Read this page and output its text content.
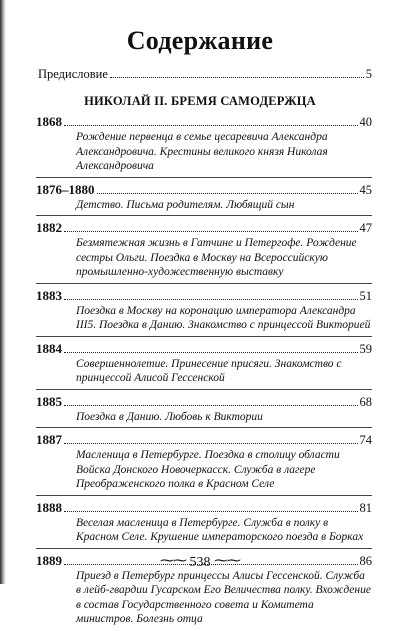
Содержание
Предисловие	5
НИКОЛАЙ II. БРЕМЯ САМОДЕРЖЦА
1868	40
Рождение первенца в семье цесаревича Александра Александровича. Крестины великого князя Николая Александровича
1876–1880	45
Детство. Письма родителям. Любящий сын
1882	47
Безмятежная жизнь в Гатчине и Петергофе. Рождение сестры Ольги. Поездка в Москву на Всероссийскую промышленно-художественную выставку
1883	51
Поездка в Москву на коронацию императора Александра III5. Поездка в Данию. Знакомство с принцессой Викторией
1884	59
Совершеннолетие. Принесение присяги. Знакомство с принцессой Алисой Гессенской
1885	68
Поездка в Данию. Любовь к Виктории
1887	74
Масленица в Петербурге. Поездка в столицу области Войска Донского Новочеркасск. Служба в лагере Преображенского полка в Красном Селе
1888	81
Веселая масленица в Петербурге. Служба в полку в Красном Селе. Крушение императорского поезда в Борках
1889	86
Приезд в Петербург принцессы Алисы Гессенской. Служба в лейб-гвардии Гусарском Его Величества полку. Вхождение в состав Государственного совета и Комитета министров. Болезнь отца
⁓⁓ 538 ⁓⁓
